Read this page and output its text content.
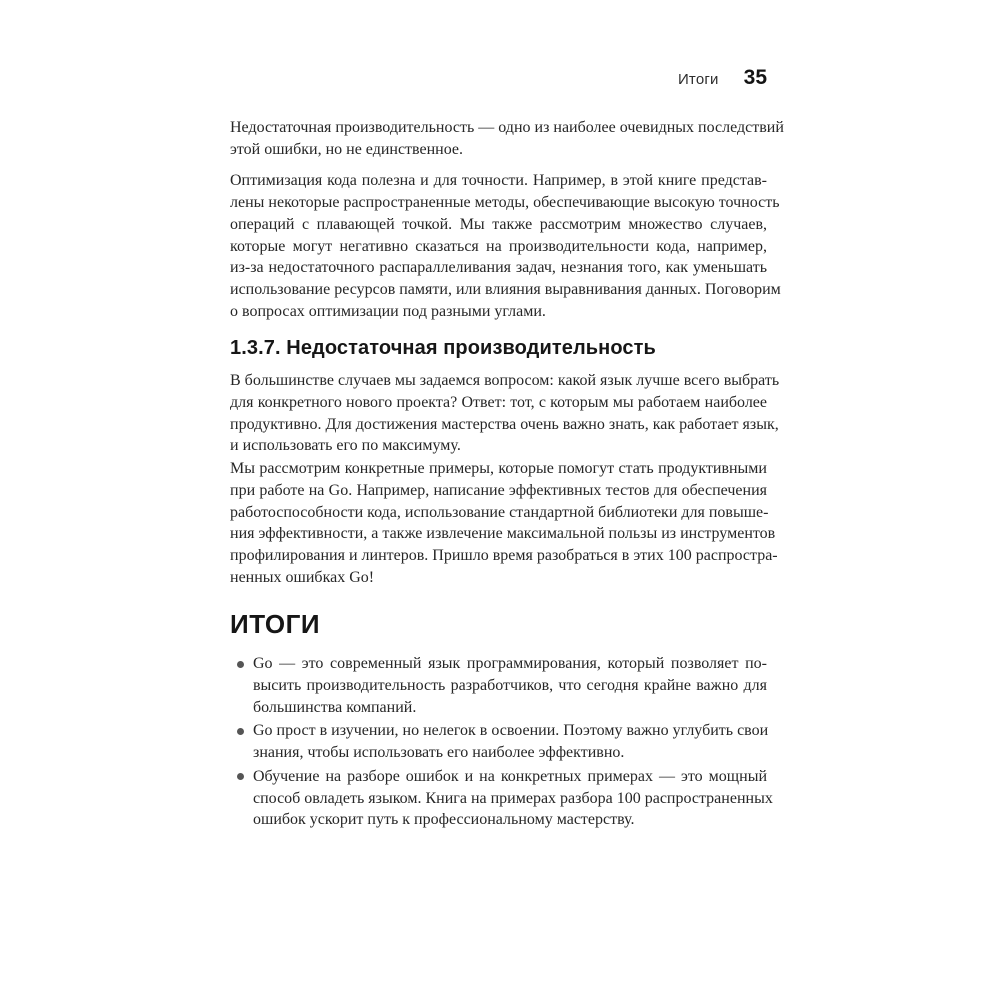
Итоги 35
Недостаточная производительность — одно из наиболее очевидных последствий
этой ошибки, но не единственное.
Оптимизация кода полезна и для точности. Например, в этой книге представ-
лены некоторые распространенные методы, обеспечивающие высокую точность
операций с плавающей точкой. Мы также рассмотрим множество случаев,
которые могут негативно сказаться на производительности кода, например,
из-за недостаточного распараллеливания задач, незнания того, как уменьшать
использование ресурсов памяти, или влияния выравнивания данных. Поговорим
о вопросах оптимизации под разными углами.
1.3.7. Недостаточная производительность
В большинстве случаев мы задаемся вопросом: какой язык лучше всего выбрать
для конкретного нового проекта? Ответ: тот, с которым мы работаем наиболее
продуктивно. Для достижения мастерства очень важно знать, как работает язык,
и использовать его по максимуму.
Мы рассмотрим конкретные примеры, которые помогут стать продуктивными
при работе на Go. Например, написание эффективных тестов для обеспечения
работоспособности кода, использование стандартной библиотеки для повыше-
ния эффективности, а также извлечение максимальной пользы из инструментов
профилирования и линтеров. Пришло время разобраться в этих 100 распростра-
ненных ошибках Go!
ИТОГИ
Go — это современный язык программирования, который позволяет по-
высить производительность разработчиков, что сегодня крайне важно для
большинства компаний.
Go прост в изучении, но нелегок в освоении. Поэтому важно углубить свои
знания, чтобы использовать его наиболее эффективно.
Обучение на разборе ошибок и на конкретных примерах — это мощный
способ овладеть языком. Книга на примерах разбора 100 распространенных
ошибок ускорит путь к профессиональному мастерству.
